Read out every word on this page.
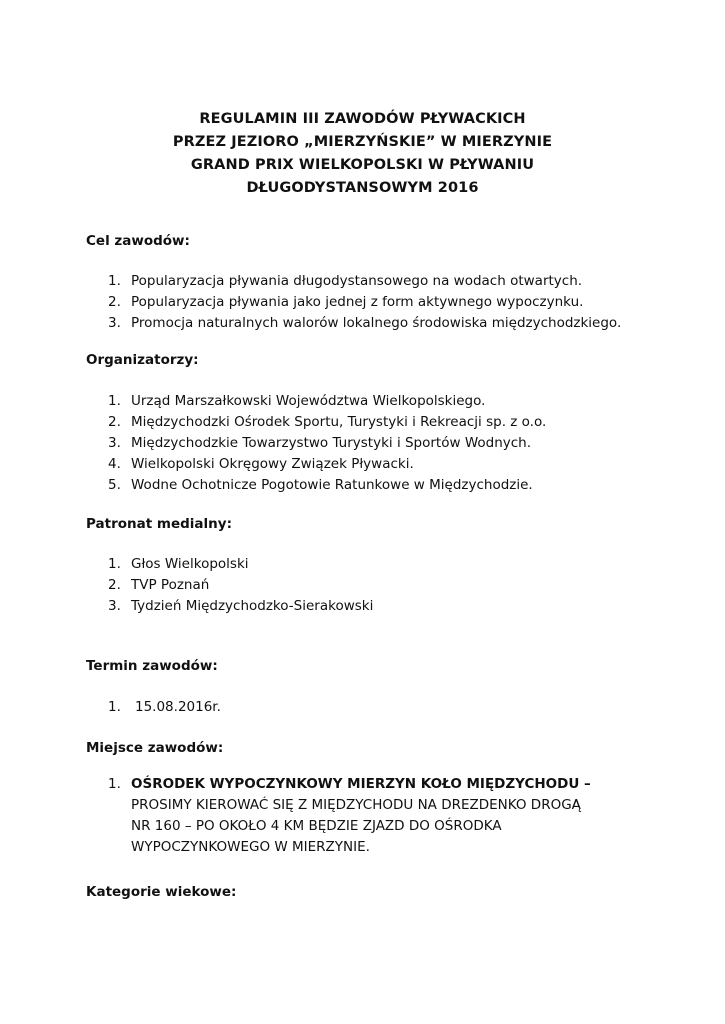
REGULAMIN III ZAWODÓW PŁYWACKICH
PRZEZ JEZIORO „MIERZYŃSKIE” W MIERZYNIE
GRAND PRIX WIELKOPOLSKI W PŁYWANIU
DŁUGODYSTANSOWYM 2016
Cel zawodów:
1. Popularyzacja pływania długodystansowego na wodach otwartych.
2. Popularyzacja pływania jako jednej z form aktywnego wypoczynku.
3. Promocja naturalnych walorów lokalnego środowiska międzychodzkiego.
Organizatorzy:
1. Urząd Marszałkowski Województwa Wielkopolskiego.
2. Międzychodzki Ośrodek Sportu, Turystyki i Rekreacji sp. z o.o.
3. Międzychodzkie Towarzystwo Turystyki i Sportów Wodnych.
4. Wielkopolski Okręgowy Związek Pływacki.
5. Wodne Ochotnicze Pogotowie Ratunkowe w Międzychodzie.
Patronat medialny:
1. Głos Wielkopolski
2. TVP Poznań
3. Tydzień Międzychodzko-Sierakowski
Termin zawodów:
1. 15.08.2016r.
Miejsce zawodów:
1. OŚRODEK WYPOCZYNKOWY MIERZYN KOŁO MIĘDZYCHODU –
PROSIMY KIEROWAĆ SIĘ Z MIĘDZYCHODU NA DREZDENKO DROGĄ
NR 160 – PO OKOŁO 4 KM BĘDZIE ZJAZD DO OŚRODKA
WYPOCZYNKOWEGO W MIERZYNIE.
Kategorie wiekowe:
